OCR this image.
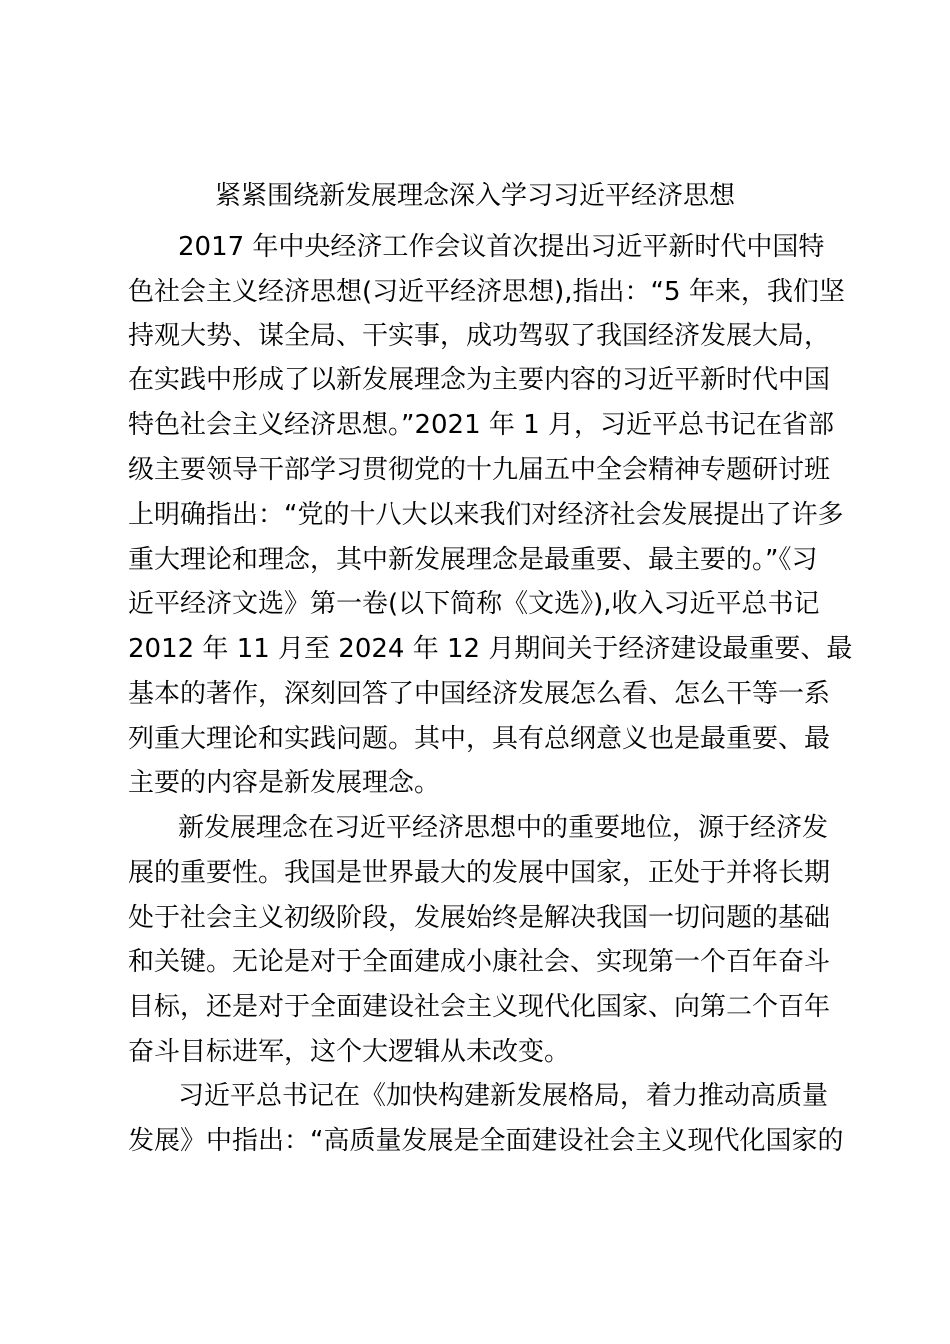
紧紧围绕新发展理念深入学习习近平经济思想

2017 年中央经济工作会议首次提出习近平新时代中国特

色社会主义经济思想(习近平经济思想),指出：“5 年来，我们坚

持观大势、谋全局、干实事，成功驾驭了我国经济发展大局，

在实践中形成了以新发展理念为主要内容的习近平新时代中国

特色社会主义经济思想。”2021 年 1 月，习近平总书记在省部

级主要领导干部学习贯彻党的十九届五中全会精神专题研讨班

上明确指出：“党的十八大以来我们对经济社会发展提出了许多

重大理论和理念，其中新发展理念是最重要、最主要的。”《习

近平经济文选》第一卷(以下简称《文选》),收入习近平总书记

2012 年 11 月至 2024 年 12 月期间关于经济建设最重要、最

基本的著作，深刻回答了中国经济发展怎么看、怎么干等一系

列重大理论和实践问题。其中，具有总纲意义也是最重要、最

主要的内容是新发展理念。

新发展理念在习近平经济思想中的重要地位，源于经济发

展的重要性。我国是世界最大的发展中国家，正处于并将长期

处于社会主义初级阶段，发展始终是解决我国一切问题的基础

和关键。无论是对于全面建成小康社会、实现第一个百年奋斗

目标，还是对于全面建设社会主义现代化国家、向第二个百年

奋斗目标进军，这个大逻辑从未改变。

习近平总书记在《加快构建新发展格局，着力推动高质量

发展》中指出：“高质量发展是全面建设社会主义现代化国家的
